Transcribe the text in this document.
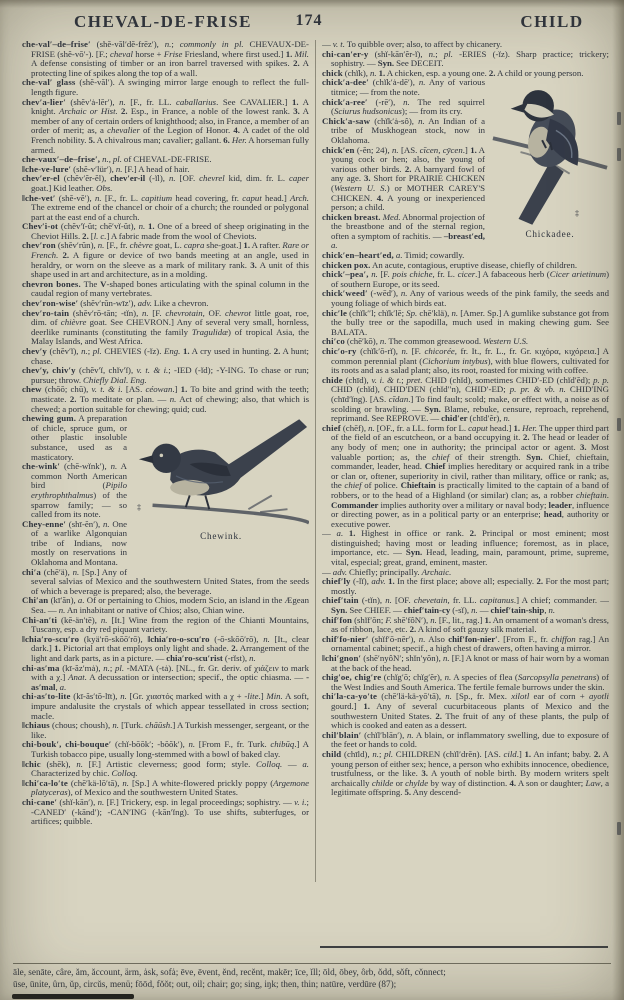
CHEVAL-DE-FRISE	174	CHILD

che-val′–de–frise′ (shĕ-văl′dĕ-frēz′), n.; commonly in pl. CHEVAUX-DE-FRISE (shĕ-vō′-). [F.; cheval horse + Frise Friesland, where first used.] 1. Mil. A defense consisting of timber or an iron barrel traversed with spikes. 2. A protecting line of spikes along the top of a wall.

che-val′ glass (shĕ-văl′). A swinging mirror large enough to reflect the full-length figure.

chev′a-lier′ (shĕv′ȧ-lēr′), n. [F., fr. LL. caballarius. See CAVALIER.] 1. A knight. Archaic or Hist. 2. Esp., in France, a noble of the lowest rank. 3. A member of any of certain orders of knighthood; also, in France, a member of an order of merit; as, a chevalier of the Legion of Honor. 4. A cadet of the old French nobility. 5. A chivalrous man; cavalier; gallant. 6. Her. A horseman fully armed.

che-vaux′–de–frise′, n., pl. of CHEVAL-DE-FRISE.

‖che-ve-lure′ (shĕ-v′lür′), n. [F.] A head of hair.

chev′er-el (chĕv′ẽr-ĕl), chev′er-il (-ĭl), n. [OF. chevrel kid, dim. fr. L. caper goat.] Kid leather. Obs.

‖che-vet′ (shĕ-vĕ′), n. [F., fr. L. capitium head covering, fr. caput head.] Arch. The extreme end of the chancel or choir of a church; the rounded or polygonal part at the east end of a church.

Chev′i-ot (chĕv′ĭ-ŭt; chē′vĭ-ŭt), n. 1. One of a breed of sheep originating in the Cheviot Hills. 2. [l. c.] A fabric made from the wool of Cheviots.

chev′ron (shĕv′rŭn), n. [F., fr. chèvre goat, L. capra she-goat.] 1. A rafter. Rare or French. 2. A figure or device of two bands meeting at an angle, used in heraldry, or worn on the sleeve as a mark of military rank. 3. A unit of this shape used in art and architecture, as in a molding.

chevron bones. The V-shaped bones articulating with the spinal column in the caudal region of many vertebrates.

chev′ron-wise′ (shĕv′rŭn-wīz′), adv. Like a chevron.

chev′ro-tain (shĕv′rō-tān; -tĭn), n. [F. chevrotain, OF. chevrot little goat, roe, dim. of chièvre goat. See CHEVRON.] Any of several very small, hornless, deerlike ruminants (constituting the family Tragulidæ) of tropical Asia, the Malay Islands, and West Africa.

chev′y (chĕv′ĭ), n.; pl. CHEVIES (-ĭz). Eng. 1. A cry used in hunting. 2. A hunt; chase.

chev′y, chiv′y (chĕv′ĭ, chĭv′ĭ), v. t. & i.; -IED (-ĭd); -Y-ING. To chase or run; pursue; throw. Chiefly Dial. Eng.

chew (chōō; chū), v. t. & i. [AS. céowan.] 1. To bite and grind with the teeth; masticate. 2. To meditate or plan. — n. Act of chewing; also, that which is chewed; a portion suitable for chewing; quid; cud.

‡
Chewink.

chewing gum. A preparation of chicle, spruce gum, or other plastic insoluble substance, used as a masticatory.

che-wink′ (chē-wĭnk′), n. A common North American bird (Pipilo erythrophthalmus) of the sparrow family; — so called from its note.

Chey-enne′ (shī-ĕn′), n. One of a warlike Algonquian tribe of Indians, now mostly on reservations in Oklahoma and Montana.

chi′a (chē′ä), n. [Sp.] Any of several salvias of Mexico and the southwestern United States, from the seeds of which a beverage is prepared; also, the beverage.

Chi′an (kī′ăn), a. Of or pertaining to Chios, modern Scio, an island in the Ægean Sea. — n. An inhabitant or native of Chios; also, Chian wine.

Chi-an′ti (kē-än′tē), n. [It.] Wine from the region of the Chianti Mountains, Tuscany, esp. a dry red piquant variety.

‖chia′ro-scu′ro (kyä′rō-skōō′rō), ‖chia′ro-o-scu′ro (-ō-skōō′rō), n. [It., clear dark.] 1. Pictorial art that employs only light and shade. 2. Arrangement of the light and dark parts, as in a picture. — chia′ro-scu′rist (-rĭst), n.

chi-as′ma (kī-ăz′mȧ), n.; pl. -MATA (-tȧ). [NL., fr. Gr. deriv. of χιάζειν to mark with a χ.] Anat. A decussation or intersection; specif., the optic chiasma. — -as′mal, a.

chi-as′to-lite (kī-ăs′tō-līt), n. [Gr. χιαστός marked with a χ + -lite.] Min. A soft, impure andalusite the crystals of which appear tessellated in cross section; macle.

‖chiaus (chous; choush), n. [Turk. chāūsh.] A Turkish messenger, sergeant, or the like.

chi-bouk′, chi-bouque′ (chĭ-bōōk′; -bŏŏk′), n. [From F., fr. Turk. chibūq.] A Turkish tobacco pipe, usually long-stemmed with a bowl of baked clay.

‖chic (shēk), n. [F.] Artistic cleverness; good form; style. Colloq. — a. Characterized by chic. Colloq.

‖chi′ca-lo′te (chē′kä-lō′tā), n. [Sp.] A white-flowered prickly poppy (Argemone platyceras), of Mexico and the southwestern United States.

chi-cane′ (shĭ-kān′), n. [F.] Trickery, esp. in legal proceedings; sophistry. — v. i.; -CANED′ (-kānd′); -CAN′ING (-kān′ĭng). To use shifts, subterfuges, or artifices; quibble.

— v. t. To quibble over; also, to affect by chicanery.

chi-can′er-y (shĭ-kān′ẽr-ĭ), n.; pl. -ERIES (-ĭz). Sharp practice; trickery; sophistry. — Syn. See DECEIT.

chick (chĭk), n. 1. A chicken, esp. a young one. 2. A child or young person.

‡
Chickadee.

chick′a-dee′ (chĭk′ȧ-dē′), n. Any of various titmice; — from the note.

chick′a-ree′ (-rē′), n. The red squirrel (Sciurus hudsonicus); — from its cry.

Chick′a-saw (chĭk′ȧ-sô), n. An Indian of a tribe of Muskhogean stock, now in Oklahoma.

chick′en (-ĕn; 24), n. [AS. cīcen, cȳcen.] 1. A young cock or hen; also, the young of various other birds. 2. A barnyard fowl of any age. 3. Short for PRAIRIE CHICKEN (Western U. S.) or MOTHER CAREY'S CHICKEN. 4. A young or inexperienced person; a child.

chicken breast. Med. Abnormal projection of the breastbone and of the sternal region, often a symptom of rachitis. — –breast′ed, a.

chick′en–heart′ed, a. Timid; cowardly.

chicken pox. An acute, contagious, eruptive disease, chiefly of children.

chick′–pea′, n. [F. pois chiche, fr. L. cicer.] A fabaceous herb (Cicer arietinum) of southern Europe, or its seed.

chick′weed′ (-wēd′), n. Any of various weeds of the pink family, the seeds and young foliage of which birds eat.

chic′le (chĭk′′l; chĭk′lē; Sp. chē′klä), n. [Amer. Sp.] A gumlike substance got from the bully tree or the sapodilla, much used in making chewing gum. See BALATA.

chi′co (chē′kō), n. The common greasewood. Western U.S.

chic′o-ry (chĭk′ō-rĭ), n. [F. chicorée, fr. It., fr. L., fr. Gr. κιχόρα, κιχόρεια.] A common perennial plant (Cichorium intybus), with blue flowers, cultivated for its roots and as a salad plant; also, its root, roasted for mixing with coffee.

chide (chīd), v. i. & t.; pret. CHID (chĭd), sometimes CHID′-ED (chĭd′ĕd); p. p. CHID (chĭd), CHID′DEN (chĭd′′n), CHID′-ED; p. pr. & vb. n. CHID′ING (chīd′ĭng). [AS. cīdan.] To find fault; scold; make, or effect with, a noise as of scolding or brawling. — Syn. Blame, rebuke, censure, reproach, reprehend, reprimand. See REPROVE. — chid′er (chīd′ẽr), n.

chief (chēf), n. [OF., fr. a LL. form for L. caput head.] 1. Her. The upper third part of the field of an escutcheon, or a band occupying it. 2. The head or leader of any body of men; one in authority; the principal actor or agent. 3. Most valuable portion; as, the chief of their strength. Syn. Chief, chieftain, commander, leader, head. Chief implies hereditary or acquired rank in a tribe or clan or, oftener, superiority in civil, rather than military, office or rank; as, the chief of police. Chieftain is practically limited to the captain of a band of robbers, or to the head of a Highland (or similar) clan; as, a robber chieftain. Commander implies authority over a military or naval body; leader, influence or directing power, as in a political party or an enterprise; head, authority or executive power.

— a. 1. Highest in office or rank. 2. Principal or most eminent; most distinguished; having most or leading influence; foremost, as in place, importance, etc. — Syn. Head, leading, main, paramount, prime, supreme, vital, especial; great, grand, eminent, master.

— adv. Chiefly; principally. Archaic.

chief′ly (-lĭ), adv. 1. In the first place; above all; especially. 2. For the most part; mostly.

chief′tain (-tĭn), n. [OF. chevetain, fr. LL. capitanus.] A chief; commander. — Syn. See CHIEF. — chief′tain-cy (-sĭ), n. — chief′tain-ship, n.

chif′fon (shĭf′ŏn; F. shē′fôN′), n. [F., lit., rag.] 1. An ornament of a woman's dress, as of ribbon, lace, etc. 2. A kind of soft gauzy silk material.

chif′fo-nier′ (shĭf′ō-nēr′), n. Also chif′fon-nier′. [From F., fr. chiffon rag.] An ornamental cabinet; specif., a high chest of drawers, often having a mirror.

‖chi′gnon′ (shē′nyôN′; shĭn′yŏn), n. [F.] A knot or mass of hair worn by a woman at the back of the head.

chig′oe, chig′re (chĭg′ō; chĭg′ẽr), n. A species of flea (Sarcopsylla penetrans) of the West Indies and South America. The fertile female burrows under the skin.

chi′la-ca-yo′te (chē′lä-kä-yō′tā), n. [Sp., fr. Mex. xilotl ear of corn + ayotli gourd.] 1. Any of several cucurbitaceous plants of Mexico and the southwestern United States. 2. The fruit of any of these plants, the pulp of which is cooked and eaten as a dessert.

chil′blain′ (chĭl′blān′), n. A blain, or inflammatory swelling, due to exposure of the feet or hands to cold.

child (chīld), n.; pl. CHILDREN (chĭl′drĕn). [AS. cild.] 1. An infant; baby. 2. A young person of either sex; hence, a person who exhibits innocence, obedience, trustfulness, or the like. 3. A youth of noble birth. By modern writers spelt archaically childe or chylde by way of distinction. 4. A son or daughter; Law, a legitimate offspring. 5. Any descend-

āle, senāte, câre, ăm, ăccount, ärm, ȧsk, sofȧ; ēve, ēvent, ĕnd, recĕnt, makēr; īce, ĭll; ōld, ōbey, ôrb, ŏdd, sŏft, cŏnnect;
ūse, ūnite, ûrn, ŭp, circŭs, menü; fōōd, fŏŏt; out, oil; chair; go; sing, iŋk; then, thin; natūre, verdūre (87);
